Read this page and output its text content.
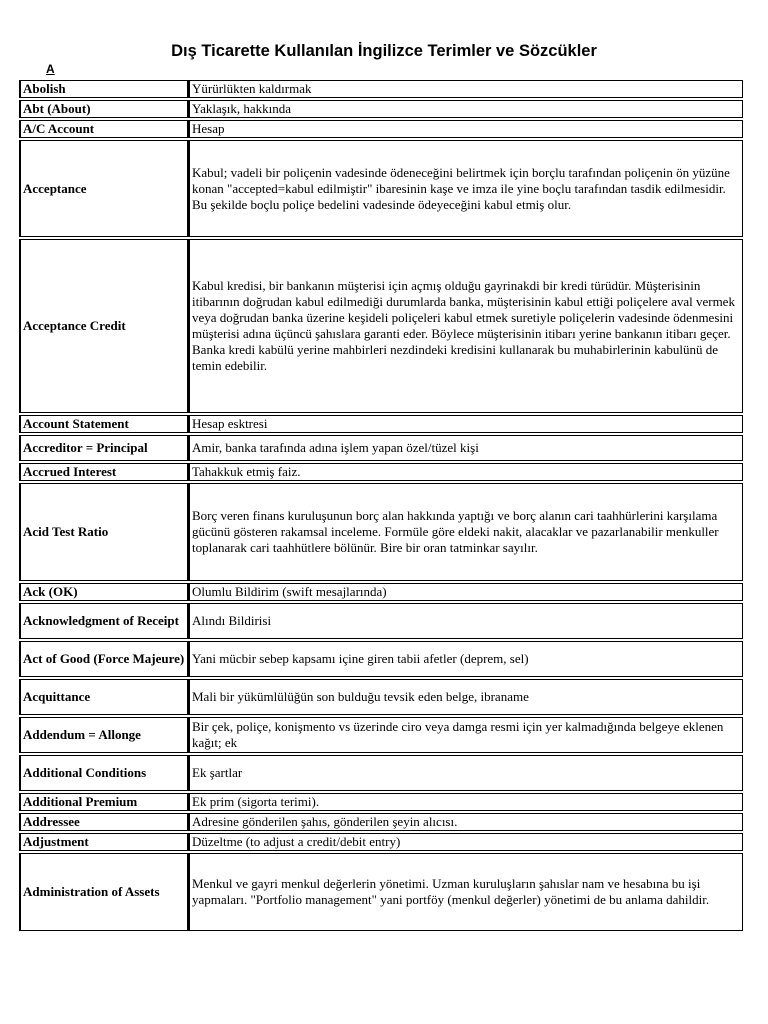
Dış Ticarette Kullanılan İngilizce Terimler ve Sözcükler
A
Abolish	Yürürlükten kaldırmak
Abt (About)	Yaklaşık, hakkında
A/C Account	Hesap
Acceptance	Kabul; vadeli bir poliçenin vadesinde ödeneceğini belirtmek için borçlu tarafından poliçenin ön yüzüne konan "accepted=kabul edilmiştir" ibaresinin kaşe ve imza ile yine boçlu tarafından tasdik edilmesidir. Bu şekilde boçlu poliçe bedelini vadesinde ödeyeceğini kabul etmiş olur.
Acceptance Credit	Kabul kredisi, bir bankanın müşterisi için açmış olduğu gayrinakdi bir kredi türüdür. Müşterisinin itibarının doğrudan kabul edilmediği durumlarda banka, müşterisinin kabul ettiği poliçelere aval vermek veya doğrudan banka üzerine keşideli poliçeleri kabul etmek suretiyle poliçelerin vadesinde ödenmesini müşterisi adına üçüncü şahıslara garanti eder. Böylece müşterisinin itibarı yerine bankanın itibarı geçer. Banka kredi kabülü yerine mahbirleri nezdindeki kredisini kullanarak bu muhabirlerinin kabulünü de temin edebilir.
Account Statement	Hesap esktresi
Accreditor = Principal	Amir, banka tarafında adına işlem yapan özel/tüzel kişi
Accrued Interest	Tahakkuk etmiş faiz.
Acid Test Ratio	Borç veren finans kuruluşunun borç alan hakkında yaptığı ve borç alanın cari taahhürlerini karşılama gücünü gösteren rakamsal inceleme. Formüle göre eldeki nakit, alacaklar ve pazarlanabilir menkuller toplanarak cari taahhütlere bölünür. Bire bir oran tatminkar sayılır.
Ack (OK)	Olumlu Bildirim (swift mesajlarında)
Acknowledgment of Receipt	Alındı Bildirisi
Act of Good (Force Majeure)	Yani mücbir sebep kapsamı içine giren tabii afetler (deprem, sel)
Acquittance	Mali bir yükümlülüğün son bulduğu tevsik eden belge, ibraname
Addendum = Allonge	Bir çek, poliçe, konişmento vs üzerinde ciro veya damga resmi için yer kalmadığında belgeye eklenen kağıt; ek
Additional Conditions	Ek şartlar
Additional Premium	Ek prim (sigorta terimi).
Addressee	Adresine gönderilen şahıs, gönderilen şeyin alıcısı.
Adjustment	Düzeltme (to adjust a credit/debit entry)
Administration of Assets	Menkul ve gayri menkul değerlerin yönetimi. Uzman kuruluşların şahıslar nam ve hesabına bu işi yapmaları. "Portfolio management" yani portföy (menkul değerler) yönetimi de bu anlama dahildir.
